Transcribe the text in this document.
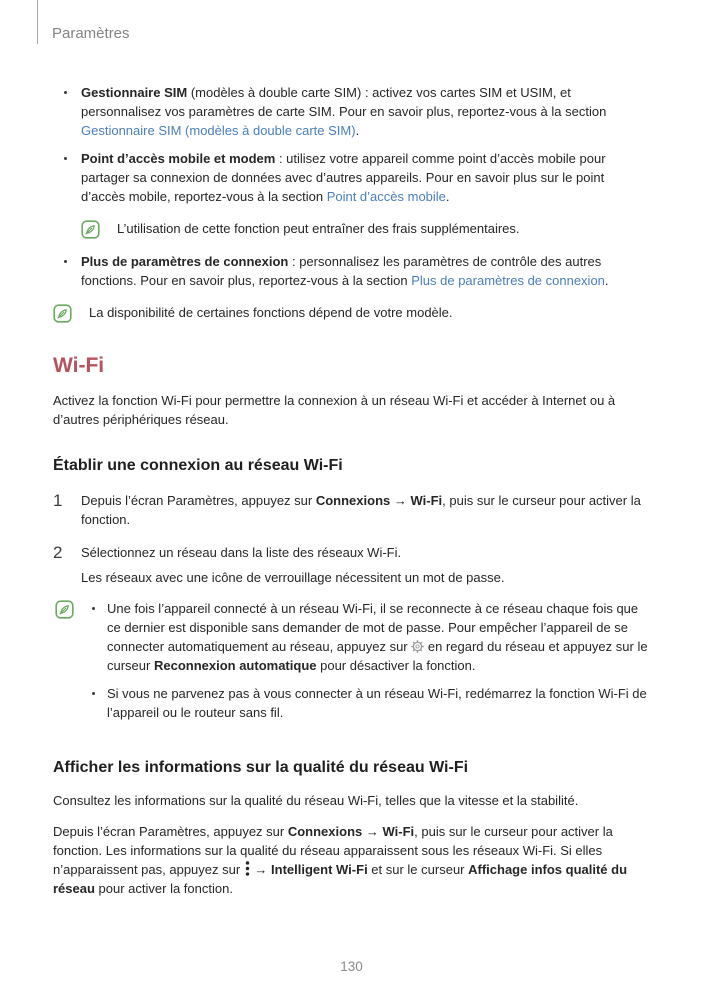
Paramètres
Gestionnaire SIM (modèles à double carte SIM) : activez vos cartes SIM et USIM, et personnalisez vos paramètres de carte SIM. Pour en savoir plus, reportez-vous à la section Gestionnaire SIM (modèles à double carte SIM).
Point d’accès mobile et modem : utilisez votre appareil comme point d’accès mobile pour partager sa connexion de données avec d’autres appareils. Pour en savoir plus sur le point d’accès mobile, reportez-vous à la section Point d’accès mobile.
L’utilisation de cette fonction peut entraîner des frais supplémentaires.
Plus de paramètres de connexion : personnalisez les paramètres de contrôle des autres fonctions. Pour en savoir plus, reportez-vous à la section Plus de paramètres de connexion.
La disponibilité de certaines fonctions dépend de votre modèle.
Wi-Fi
Activez la fonction Wi-Fi pour permettre la connexion à un réseau Wi-Fi et accéder à Internet ou à d’autres périphériques réseau.
Établir une connexion au réseau Wi-Fi
1	Depuis l’écran Paramètres, appuyez sur Connexions → Wi-Fi, puis sur le curseur pour activer la fonction.
2	Sélectionnez un réseau dans la liste des réseaux Wi-Fi.
Les réseaux avec une icône de verrouillage nécessitent un mot de passe.
Une fois l’appareil connecté à un réseau Wi-Fi, il se reconnecte à ce réseau chaque fois que ce dernier est disponible sans demander de mot de passe. Pour empêcher l’appareil de se connecter automatiquement au réseau, appuyez sur  en regard du réseau et appuyez sur le curseur Reconnexion automatique pour désactiver la fonction.
Si vous ne parvenez pas à vous connecter à un réseau Wi-Fi, redémarrez la fonction Wi-Fi de l’appareil ou le routeur sans fil.
Afficher les informations sur la qualité du réseau Wi-Fi
Consultez les informations sur la qualité du réseau Wi-Fi, telles que la vitesse et la stabilité.
Depuis l’écran Paramètres, appuyez sur Connexions → Wi-Fi, puis sur le curseur pour activer la fonction. Les informations sur la qualité du réseau apparaissent sous les réseaux Wi-Fi. Si elles n’apparaissent pas, appuyez sur  → Intelligent Wi-Fi et sur le curseur Affichage infos qualité du réseau pour activer la fonction.
130
